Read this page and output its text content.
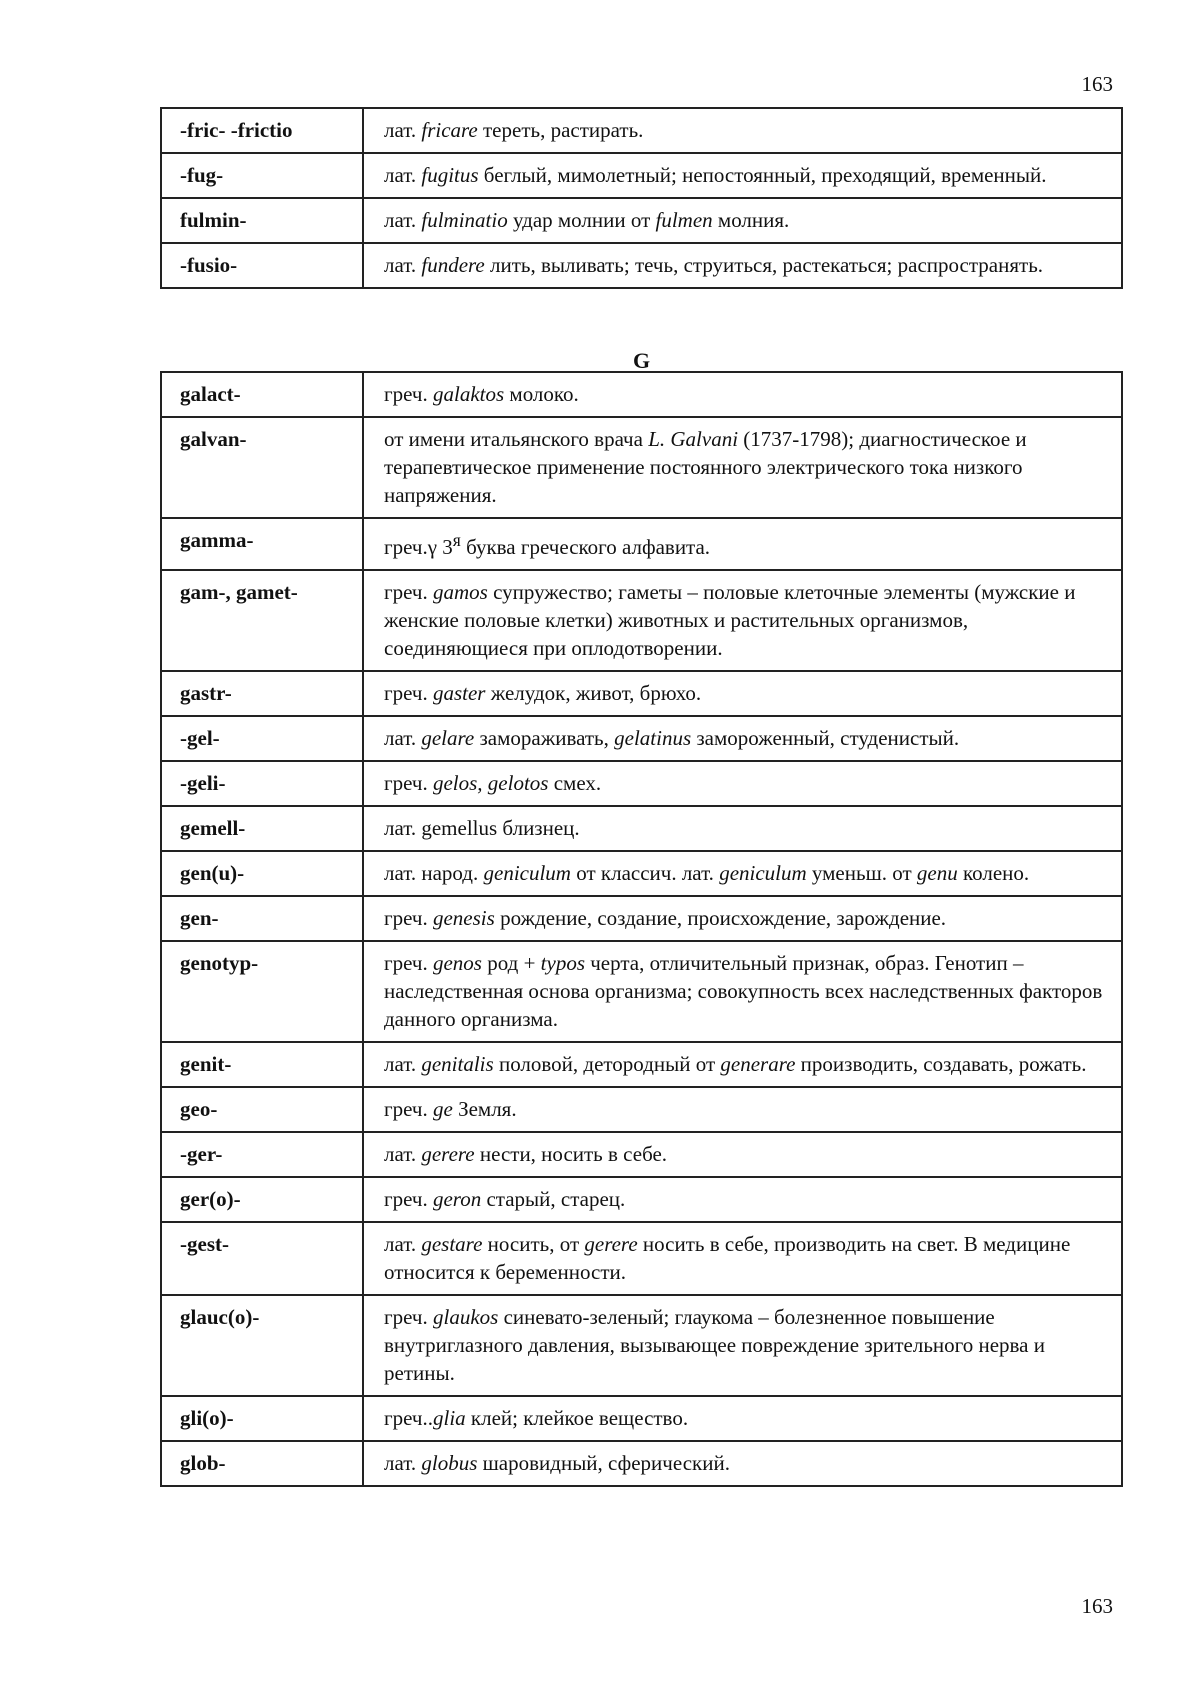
163
-fric- -frictio	лат. fricare тереть, растирать.
-fug-	лат. fugitus беглый, мимолетный; непостоянный, преходящий, временный.
fulmin-	лат. fulminatio удар молнии от fulmen молния.
-fusio-	лат. fundere лить, выливать; течь, струиться, растекаться; распространять.
G
galact-	греч. galaktos молоко.
galvan-	от имени итальянского врача L. Galvani (1737-1798); диагностическое и терапевтическое применение постоянного электрического тока низкого напряжения.
gamma-	греч.γ $3^я$ буква греческого алфавита.
gam-, gamet-	греч. gamos супружество; гаметы – половые клеточные элементы (мужские и женские половые клетки) животных и растительных организмов, соединяющиеся при оплодотворении.
gastr-	греч. gaster желудок, живот, брюхо.
-gel-	лат. gelare замораживать, gelatinus замороженный, студенистый.
-geli-	греч. gelos, gelotos смех.
gemell-	лат. gemellus близнец.
gen(u)-	лат. народ. geniculum от классич. лат. geniculum уменьш. от genu колено.
gen-	греч. genesis рождение, создание, происхождение, зарождение.
genotyp-	греч. genos род + typos черта, отличительный признак, образ. Генотип – наследственная основа организма; совокупность всех наследственных факторов данного организма.
genit-	лат. genitalis половой, детородный от generare производить, создавать, рожать.
geo-	греч. ge Земля.
-ger-	лат. gerere нести, носить в себе.
ger(o)-	греч. geron старый, старец.
-gest-	лат. gestare носить, от gerere носить в себе, производить на свет. В медицине относится к беременности.
glauc(o)-	греч. glaukos синевато-зеленый; глаукома – болезненное повышение внутриглазного давления, вызывающее повреждение зрительного нерва и ретины.
gli(o)-	греч..glia клей; клейкое вещество.
glob-	лат. globus шаровидный, сферический.
163
